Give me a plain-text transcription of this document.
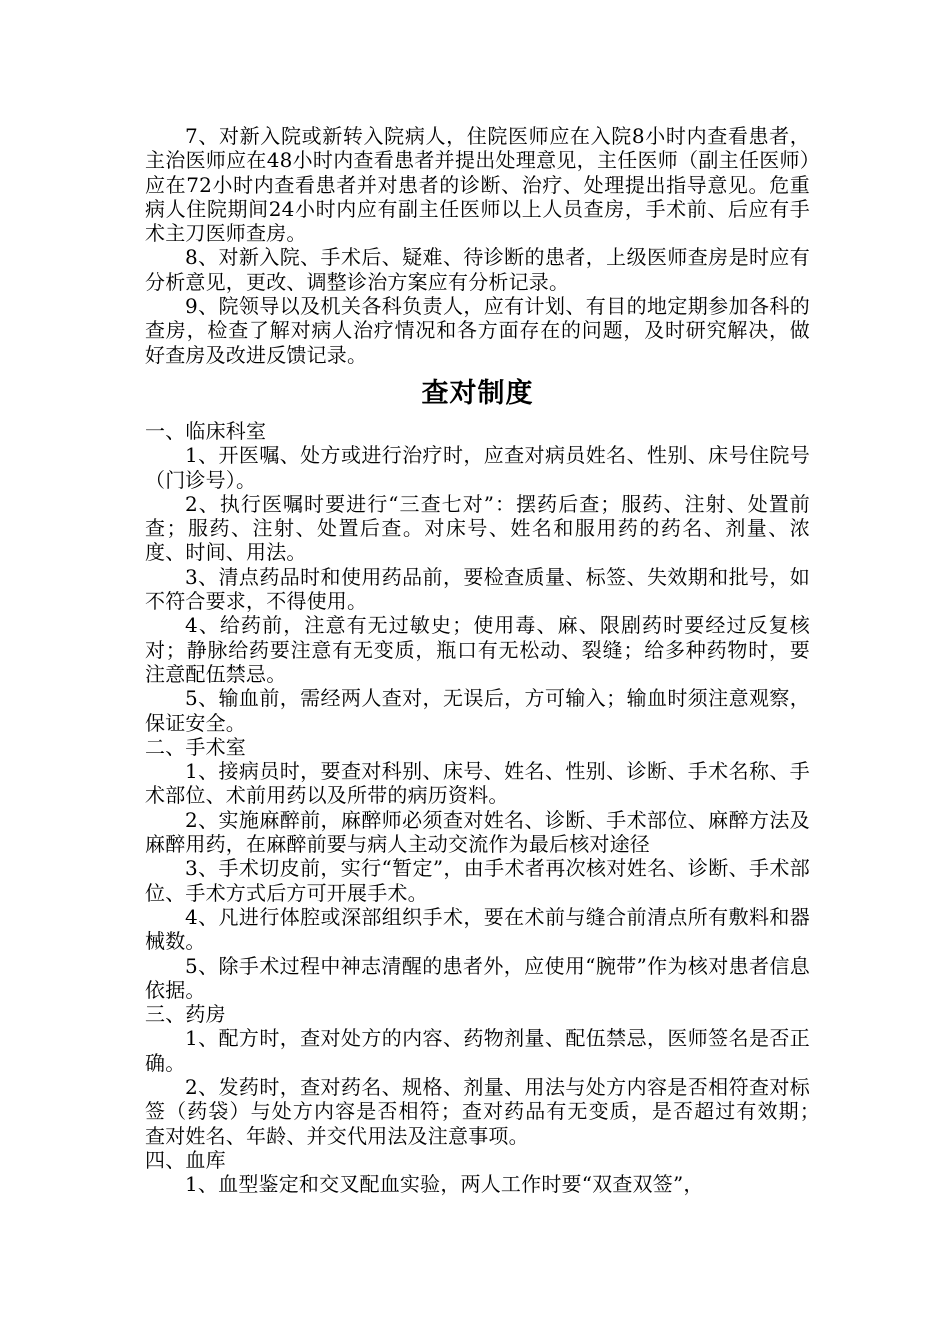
7、对新入院或新转入院病人，住院医师应在入院8小时内查看患者，主治医师应在48小时内查看患者并提出处理意见，主任医师（副主任医师）应在72小时内查看患者并对患者的诊断、治疗、处理提出指导意见。危重病人住院期间24小时内应有副主任医师以上人员查房，手术前、后应有手术主刀医师查房。

8、对新入院、手术后、疑难、待诊断的患者，上级医师查房是时应有分析意见，更改、调整诊治方案应有分析记录。

9、院领导以及机关各科负责人，应有计划、有目的地定期参加各科的查房，检查了解对病人治疗情况和各方面存在的问题，及时研究解决，做好查房及改进反馈记录。

查对制度

一、临床科室

1、开医嘱、处方或进行治疗时，应查对病员姓名、性别、床号住院号（门诊号）。

2、执行医嘱时要进行“三查七对”：摆药后查；服药、注射、处置前查；服药、注射、处置后查。对床号、姓名和服用药的药名、剂量、浓度、时间、用法。

3、清点药品时和使用药品前，要检查质量、标签、失效期和批号，如不符合要求，不得使用。

4、给药前，注意有无过敏史；使用毒、麻、限剧药时要经过反复核对；静脉给药要注意有无变质，瓶口有无松动、裂缝；给多种药物时，要注意配伍禁忌。

5、输血前，需经两人查对，无误后，方可输入；输血时须注意观察，保证安全。

二、手术室

1、接病员时，要查对科别、床号、姓名、性别、诊断、手术名称、手术部位、术前用药以及所带的病历资料。

2、实施麻醉前，麻醉师必须查对姓名、诊断、手术部位、麻醉方法及麻醉用药，在麻醉前要与病人主动交流作为最后核对途径

3、手术切皮前，实行“暂定”，由手术者再次核对姓名、诊断、手术部位、手术方式后方可开展手术。

4、凡进行体腔或深部组织手术，要在术前与缝合前清点所有敷料和器械数。

5、除手术过程中神志清醒的患者外，应使用“腕带”作为核对患者信息依据。

三、药房

1、配方时，查对处方的内容、药物剂量、配伍禁忌，医师签名是否正确。

2、发药时，查对药名、规格、剂量、用法与处方内容是否相符查对标签（药袋）与处方内容是否相符；查对药品有无变质，是否超过有效期；　查对姓名、年龄、并交代用法及注意事项。

四、血库

1、血型鉴定和交叉配血实验，两人工作时要“双查双签”，
